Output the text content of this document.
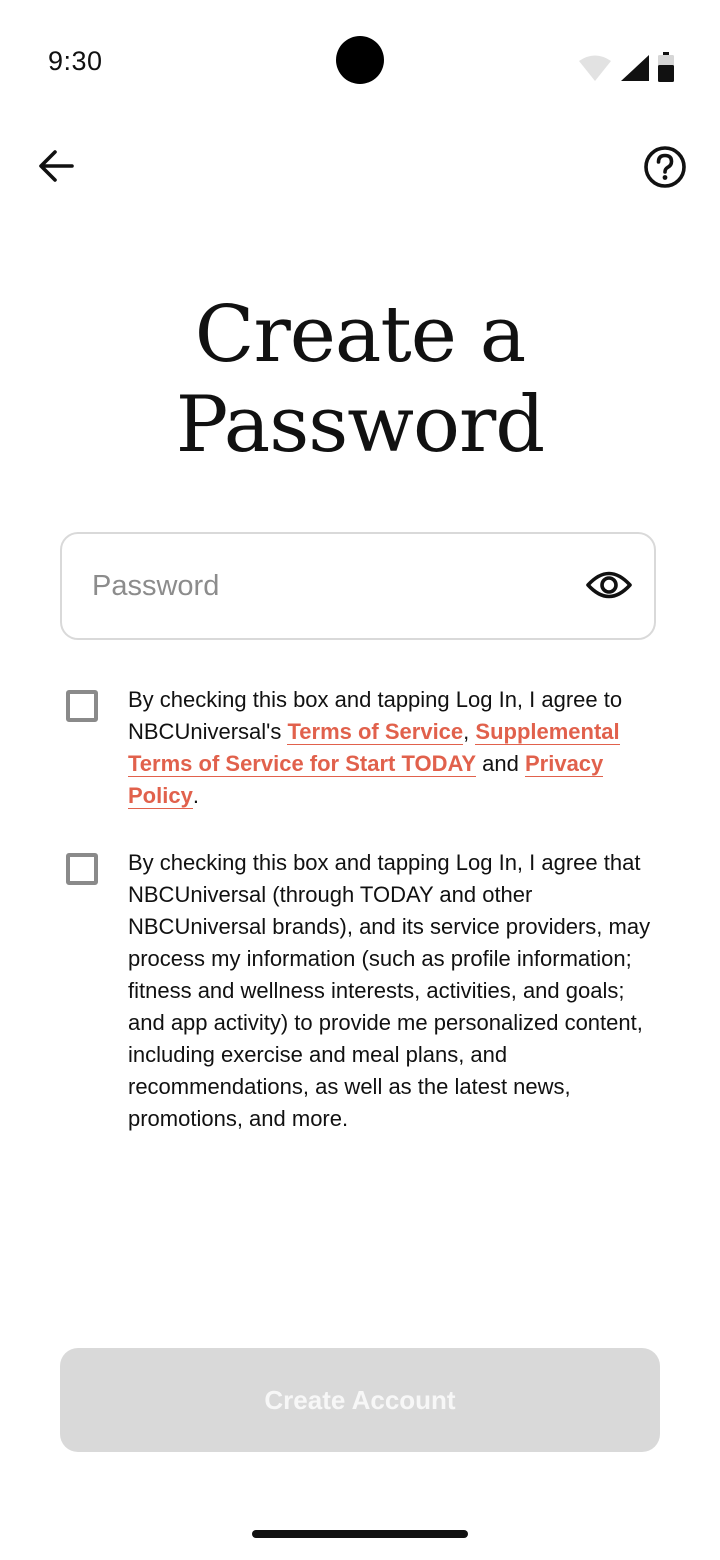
9:30
Create a
Password
By checking this box and tapping Log In, I agree to NBCUniversal's Terms of Service, Supplemental Terms of Service for Start TODAY and Privacy Policy.
By checking this box and tapping Log In, I agree that NBCUniversal (through TODAY and other NBCUniversal brands), and its service providers, may process my information (such as profile information; fitness and wellness interests, activities, and goals; and app activity) to provide me personalized content, including exercise and meal plans, and recommendations, as well as the latest news, promotions, and more.
Create Account
